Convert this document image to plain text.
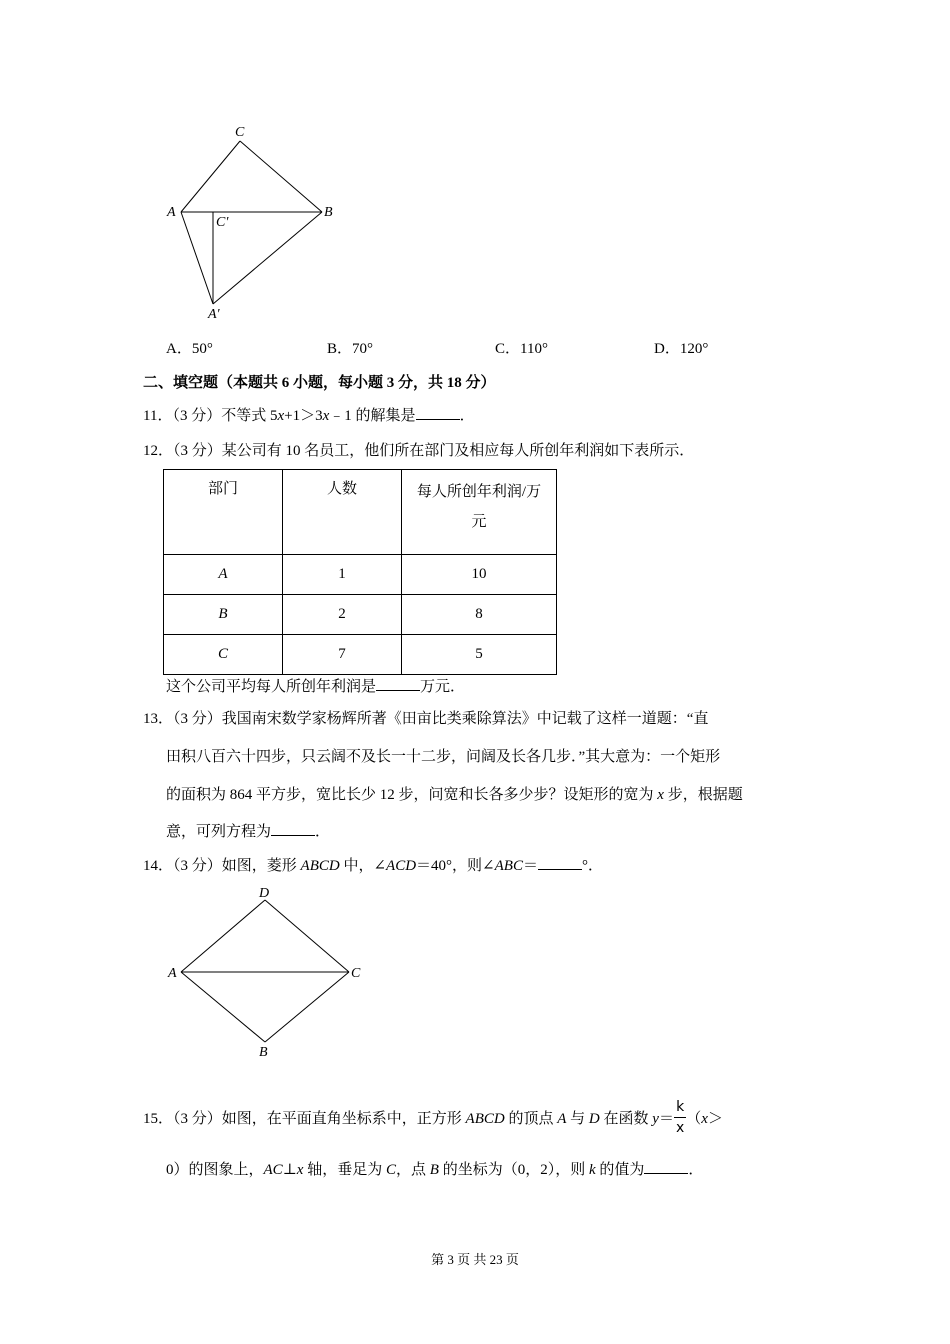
C
A
C′
B
A′
A．50°	B．70°	C．110°	D．120°
二、填空题（本题共 6 小题，每小题 3 分，共 18 分）
11．（3 分）不等式 5x+1＞3x﹣1 的解集是	．
12．（3 分）某公司有 10 名员工，他们所在部门及相应每人所创年利润如下表所示．
部门	人数	每人所创年利润/万
元
A	1	10
B	2	8
C	7	5
这个公司平均每人所创年利润是	万元．
13．（3 分）我国南宋数学家杨辉所著《田亩比类乘除算法》中记载了这样一道题：“直
田积八百六十四步，只云阔不及长一十二步，问阔及长各几步．”其大意为：一个矩形
的面积为 864 平方步，宽比长少 12 步，问宽和长各多少步？设矩形的宽为 x 步，根据题
意，可列方程为	．
14．（3 分）如图，菱形 ABCD 中，∠ACD＝40°，则∠ABC＝	°．
D
A	C
B
15．（3 分）如图，在平面直角坐标系中，正方形 ABCD 的顶点 A 与 D 在函数 $y= \frac{k}{x} (x>$
0）的图象上，AC⊥x 轴，垂足为 C，点 B 的坐标为（0，2），则 k 的值为	．
第 3 页 共 23 页
